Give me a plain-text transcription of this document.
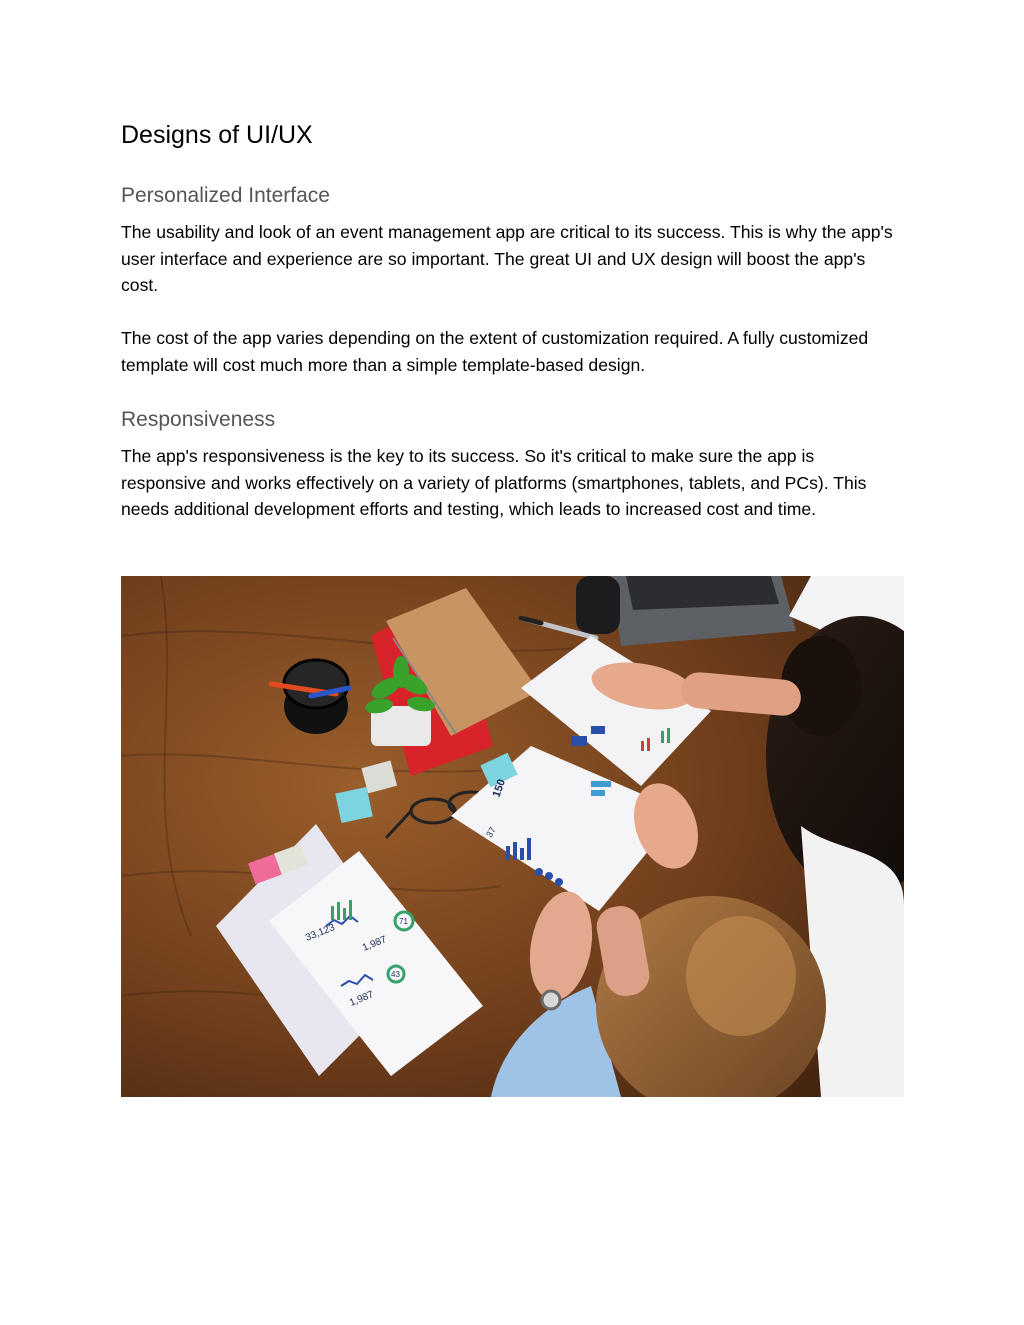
Designs of UI/UX
Personalized Interface

The usability and look of an event management app are critical to its success. This is why the app's user interface and experience are so important. The great UI and UX design will boost the app's cost.

The cost of the app varies depending on the extent of customization required. A fully customized template will cost much more than a simple template-based design.

Responsiveness

The app's responsiveness is the key to its success. So it's critical to make sure the app is responsive and works effectively on a variety of platforms (smartphones, tablets, and PCs). This needs additional development efforts and testing, which leads to increased cost and time.

33,123
1,987
1,987
150
37
71
43
